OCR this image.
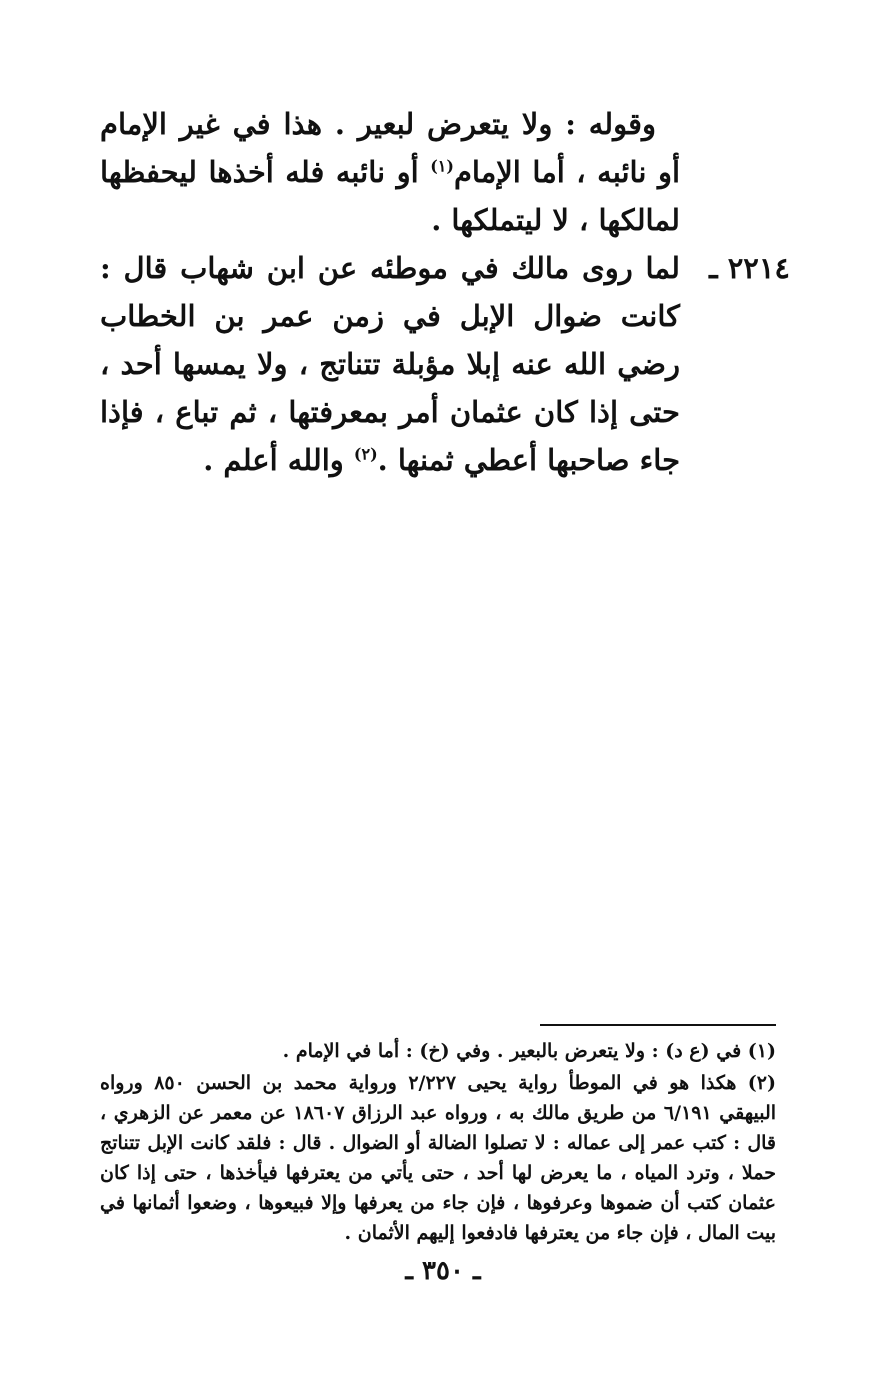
وقوله : ولا يتعرض لبعير . هذا في غير الإمام أو نائبه ، أما الإمام$^{(١)}$ أو نائبه فله أخذها ليحفظها لمالكها ، لا ليتملكها .

٢٢١٤ ـ
لما روى مالك في موطئه عن ابن شهاب قال : كانت ضوال الإبل في زمن عمر بن الخطاب رضي الله عنه إبلا مؤبلة تتناتج ، ولا يمسها أحد ، حتى إذا كان عثمان أمر بمعرفتها ، ثم تباع ، فإذا جاء صاحبها أعطي ثمنها .$^{(٢)}$ والله أعلم .

(١) في (ع د) : ولا يتعرض بالبعير . وفي (خ) : أما في الإمام .

(٢) هكذا هو في الموطأ رواية يحيى ٢/٢٢٧ ورواية محمد بن الحسن ٨٥٠ ورواه البيهقي ٦/١٩١ من طريق مالك به ، ورواه عبد الرزاق ١٨٦٠٧ عن معمر عن الزهري ، قال : كتب عمر إلى عماله : لا تصلوا الضالة أو الضوال . قال : فلقد كانت الإبل تتناتج حملا ، وترد المياه ، ما يعرض لها أحد ، حتى يأتي من يعترفها فيأخذها ، حتى إذا كان عثمان كتب أن ضموها وعرفوها ، فإن جاء من يعرفها وإلا فبيعوها ، وضعوا أثمانها في بيت المال ، فإن جاء من يعترفها فادفعوا إليهم الأثمان .

ـ ٣٥٠ ـ
